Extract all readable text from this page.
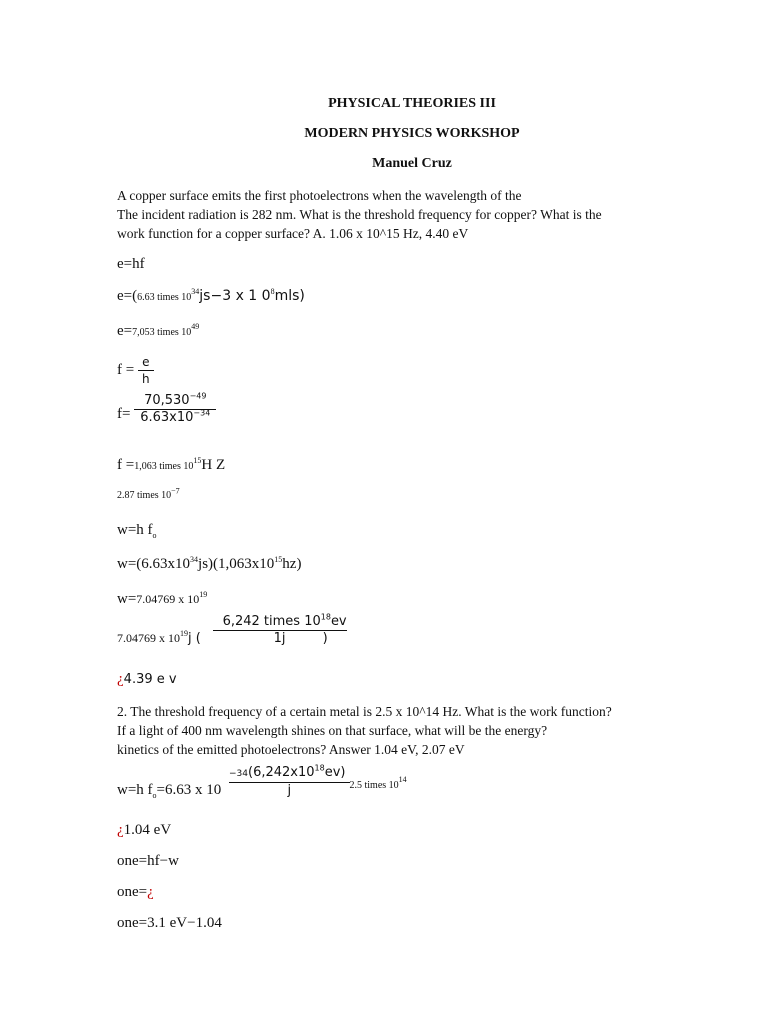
PHYSICAL THEORIES III
MODERN PHYSICS WORKSHOP
Manuel Cruz
A copper surface emits the first photoelectrons when the wavelength of the
The incident radiation is 282 nm. What is the threshold frequency for copper? What is the
work function for a copper surface? A. 1.06 x 10^15 Hz, 4.40 eV
e=hf
e=(6.63 times $10^{34}js-3$ x 1 $0^8mls$)
e=7,053 times $10^{49}$
$f = \frac{e}{h}$
$f= \frac{70,530^{-49}}{6.63x10^{-34}}$
f =1,063 times $10^{15}H$ Z
2.87 times $10^{-7}$
w=h $f_o$
$w=(6.63x10^{34}js)(1,063x10^{15}hz)$
w=7.04769 x $10^{19}$
7.04769 x $10^{19}j$ ( $\frac{6,242 times 10^{18}ev}{1j}$
)
¿4.39 e v
2. The threshold frequency of a certain metal is 2.5 x 10^14 Hz. What is the work function?
If a light of 400 nm wavelength shines on that surface, what will be the energy?
kinetics of the emitted photoelectrons? Answer 1.04 eV, 2.07 eV
w=h $f_o=6.63$ x $10 \frac{-34(6,242x10^{18}ev)}{j} ^{2.5 times 1014}$
¿1.04 eV
one=hf−w
one=¿
one=3.1 eV−1.04
